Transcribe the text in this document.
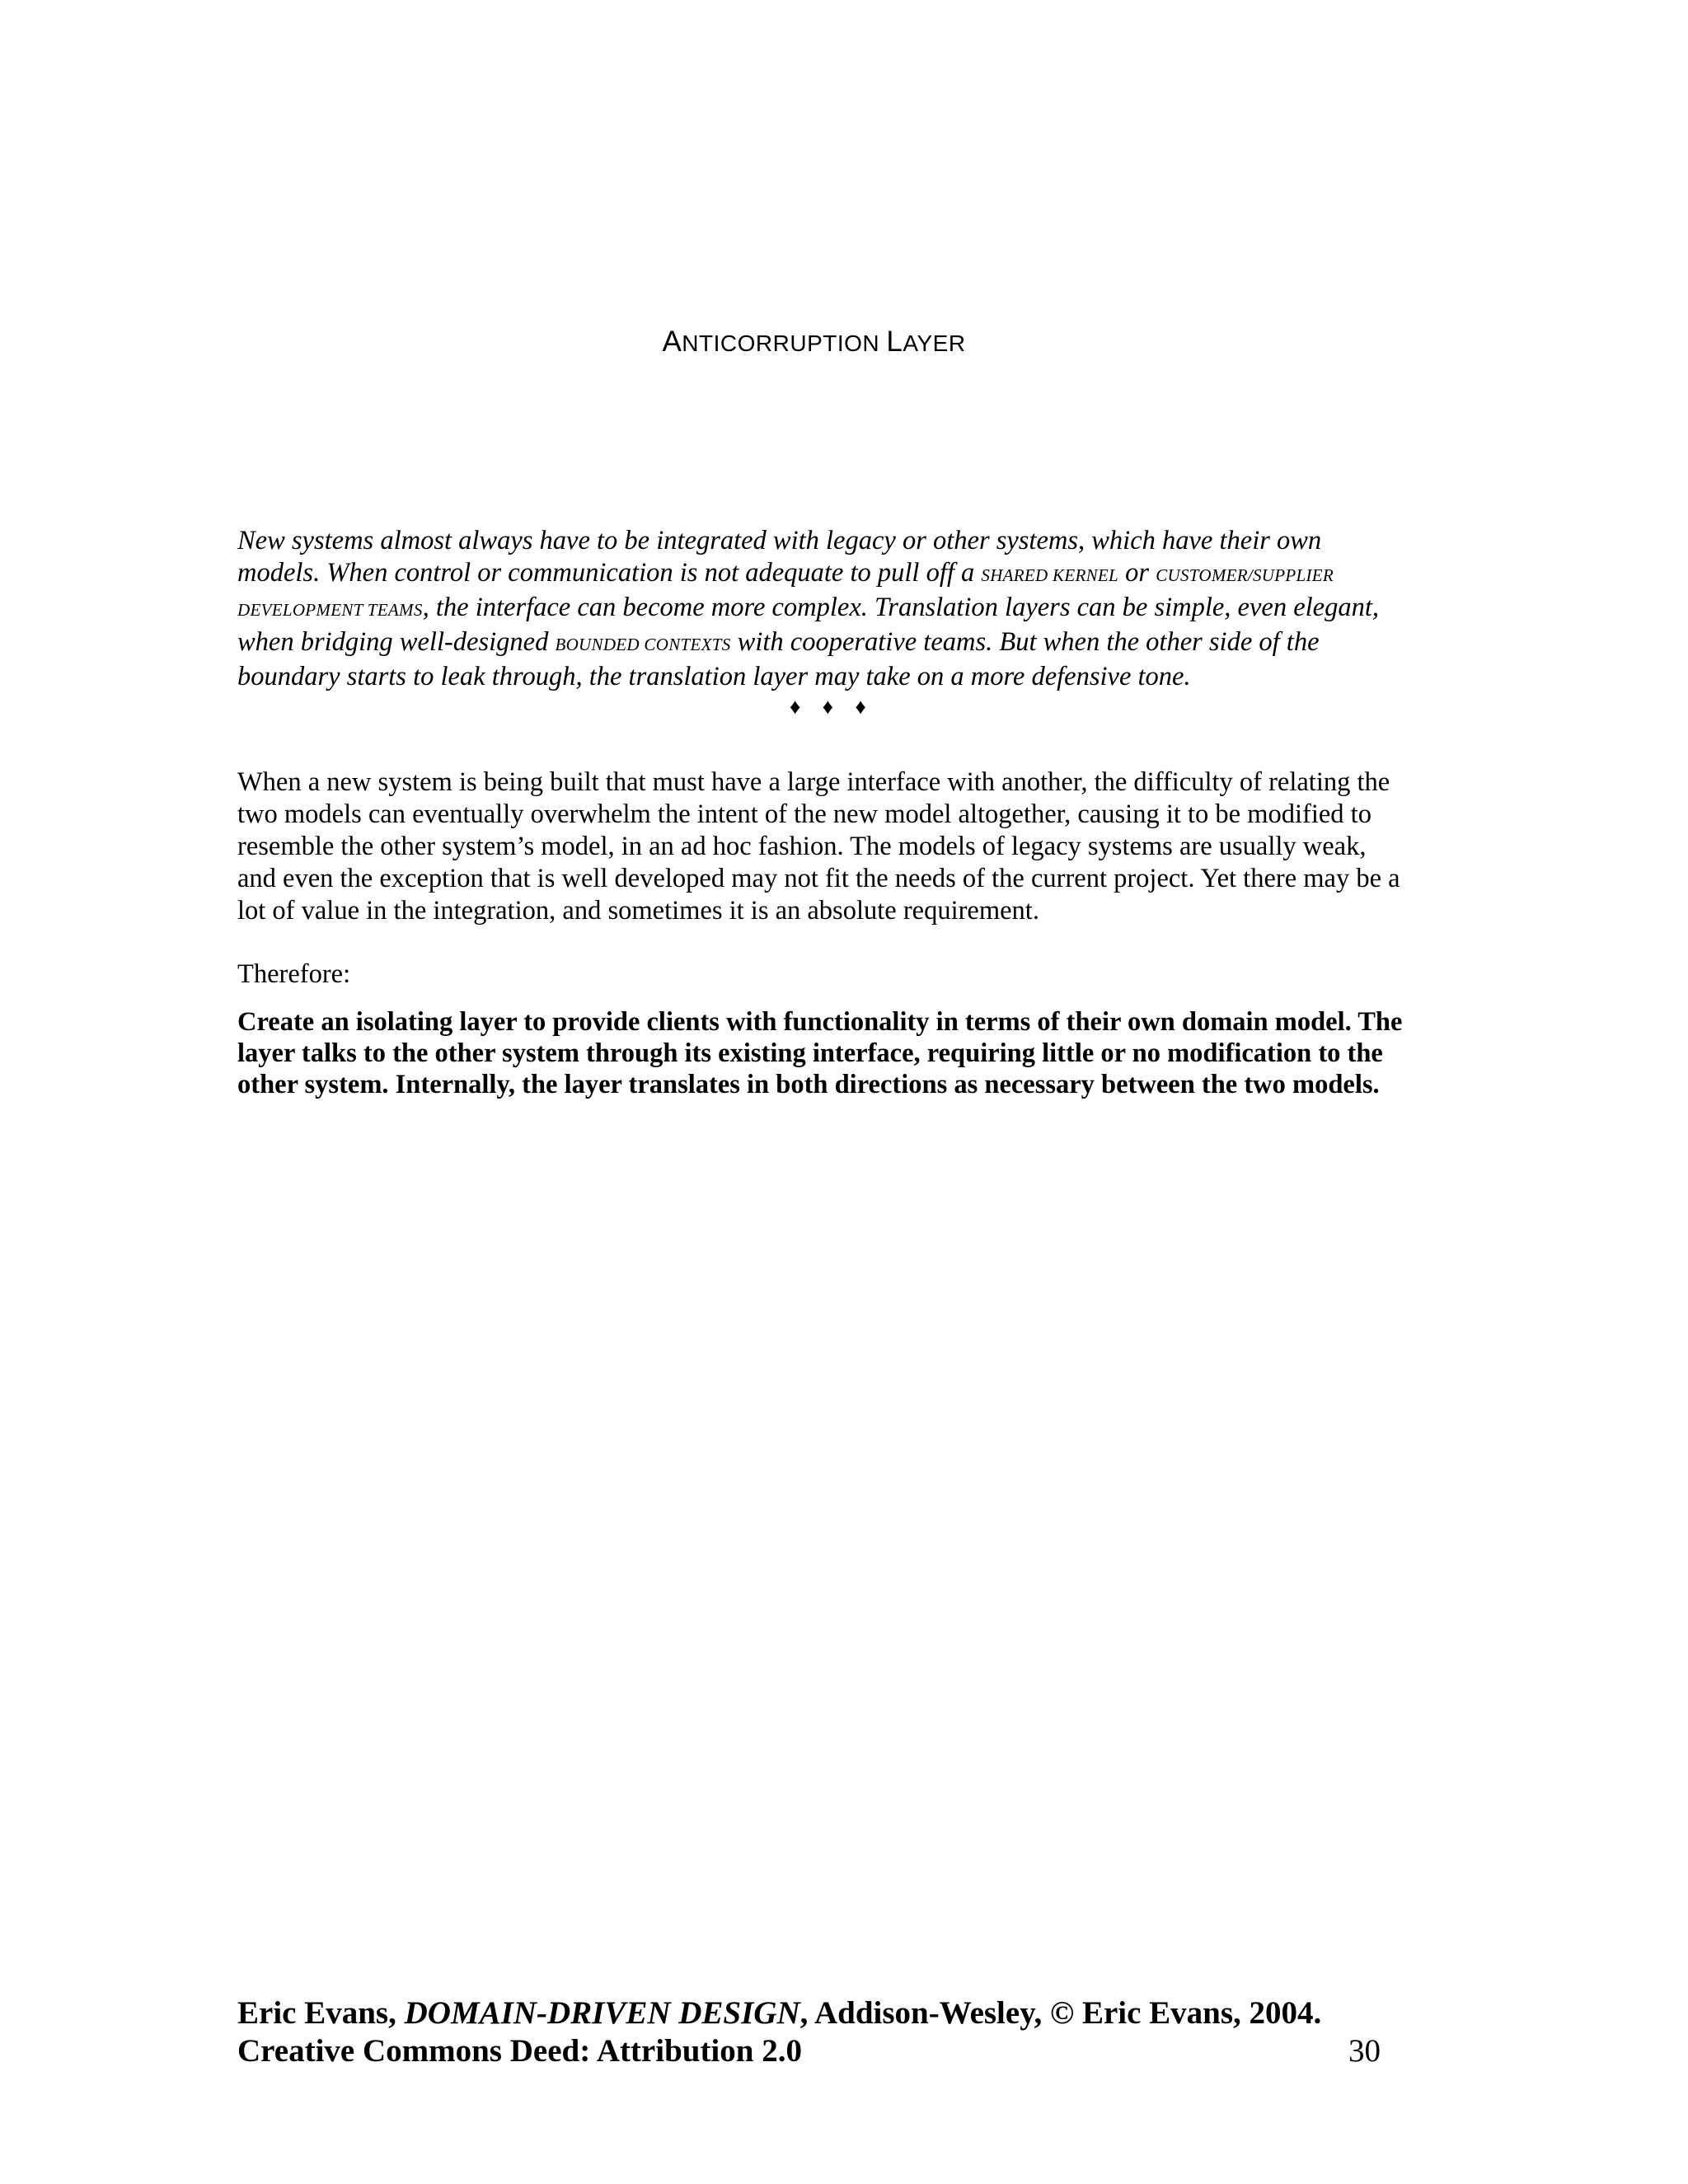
ANTICORRUPTION LAYER

New systems almost always have to be integrated with legacy or other systems, which have their own models. When control or communication is not adequate to pull off a SHARED KERNEL or CUSTOMER/SUPPLIER DEVELOPMENT TEAMS, the interface can become more complex. Translation layers can be simple, even elegant, when bridging well-designed BOUNDED CONTEXTS with cooperative teams. But when the other side of the boundary starts to leak through, the translation layer may take on a more defensive tone.

♦ ♦ ♦

When a new system is being built that must have a large interface with another, the difficulty of relating the two models can eventually overwhelm the intent of the new model altogether, causing it to be modified to resemble the other system’s model, in an ad hoc fashion. The models of legacy systems are usually weak, and even the exception that is well developed may not fit the needs of the current project. Yet there may be a lot of value in the integration, and sometimes it is an absolute requirement.

Therefore:

Create an isolating layer to provide clients with functionality in terms of their own domain model. The layer talks to the other system through its existing interface, requiring little or no modification to the other system. Internally, the layer translates in both directions as necessary between the two models.

Eric Evans, DOMAIN-DRIVEN DESIGN, Addison-Wesley, © Eric Evans, 2004.
Creative Commons Deed: Attribution 2.0	30
